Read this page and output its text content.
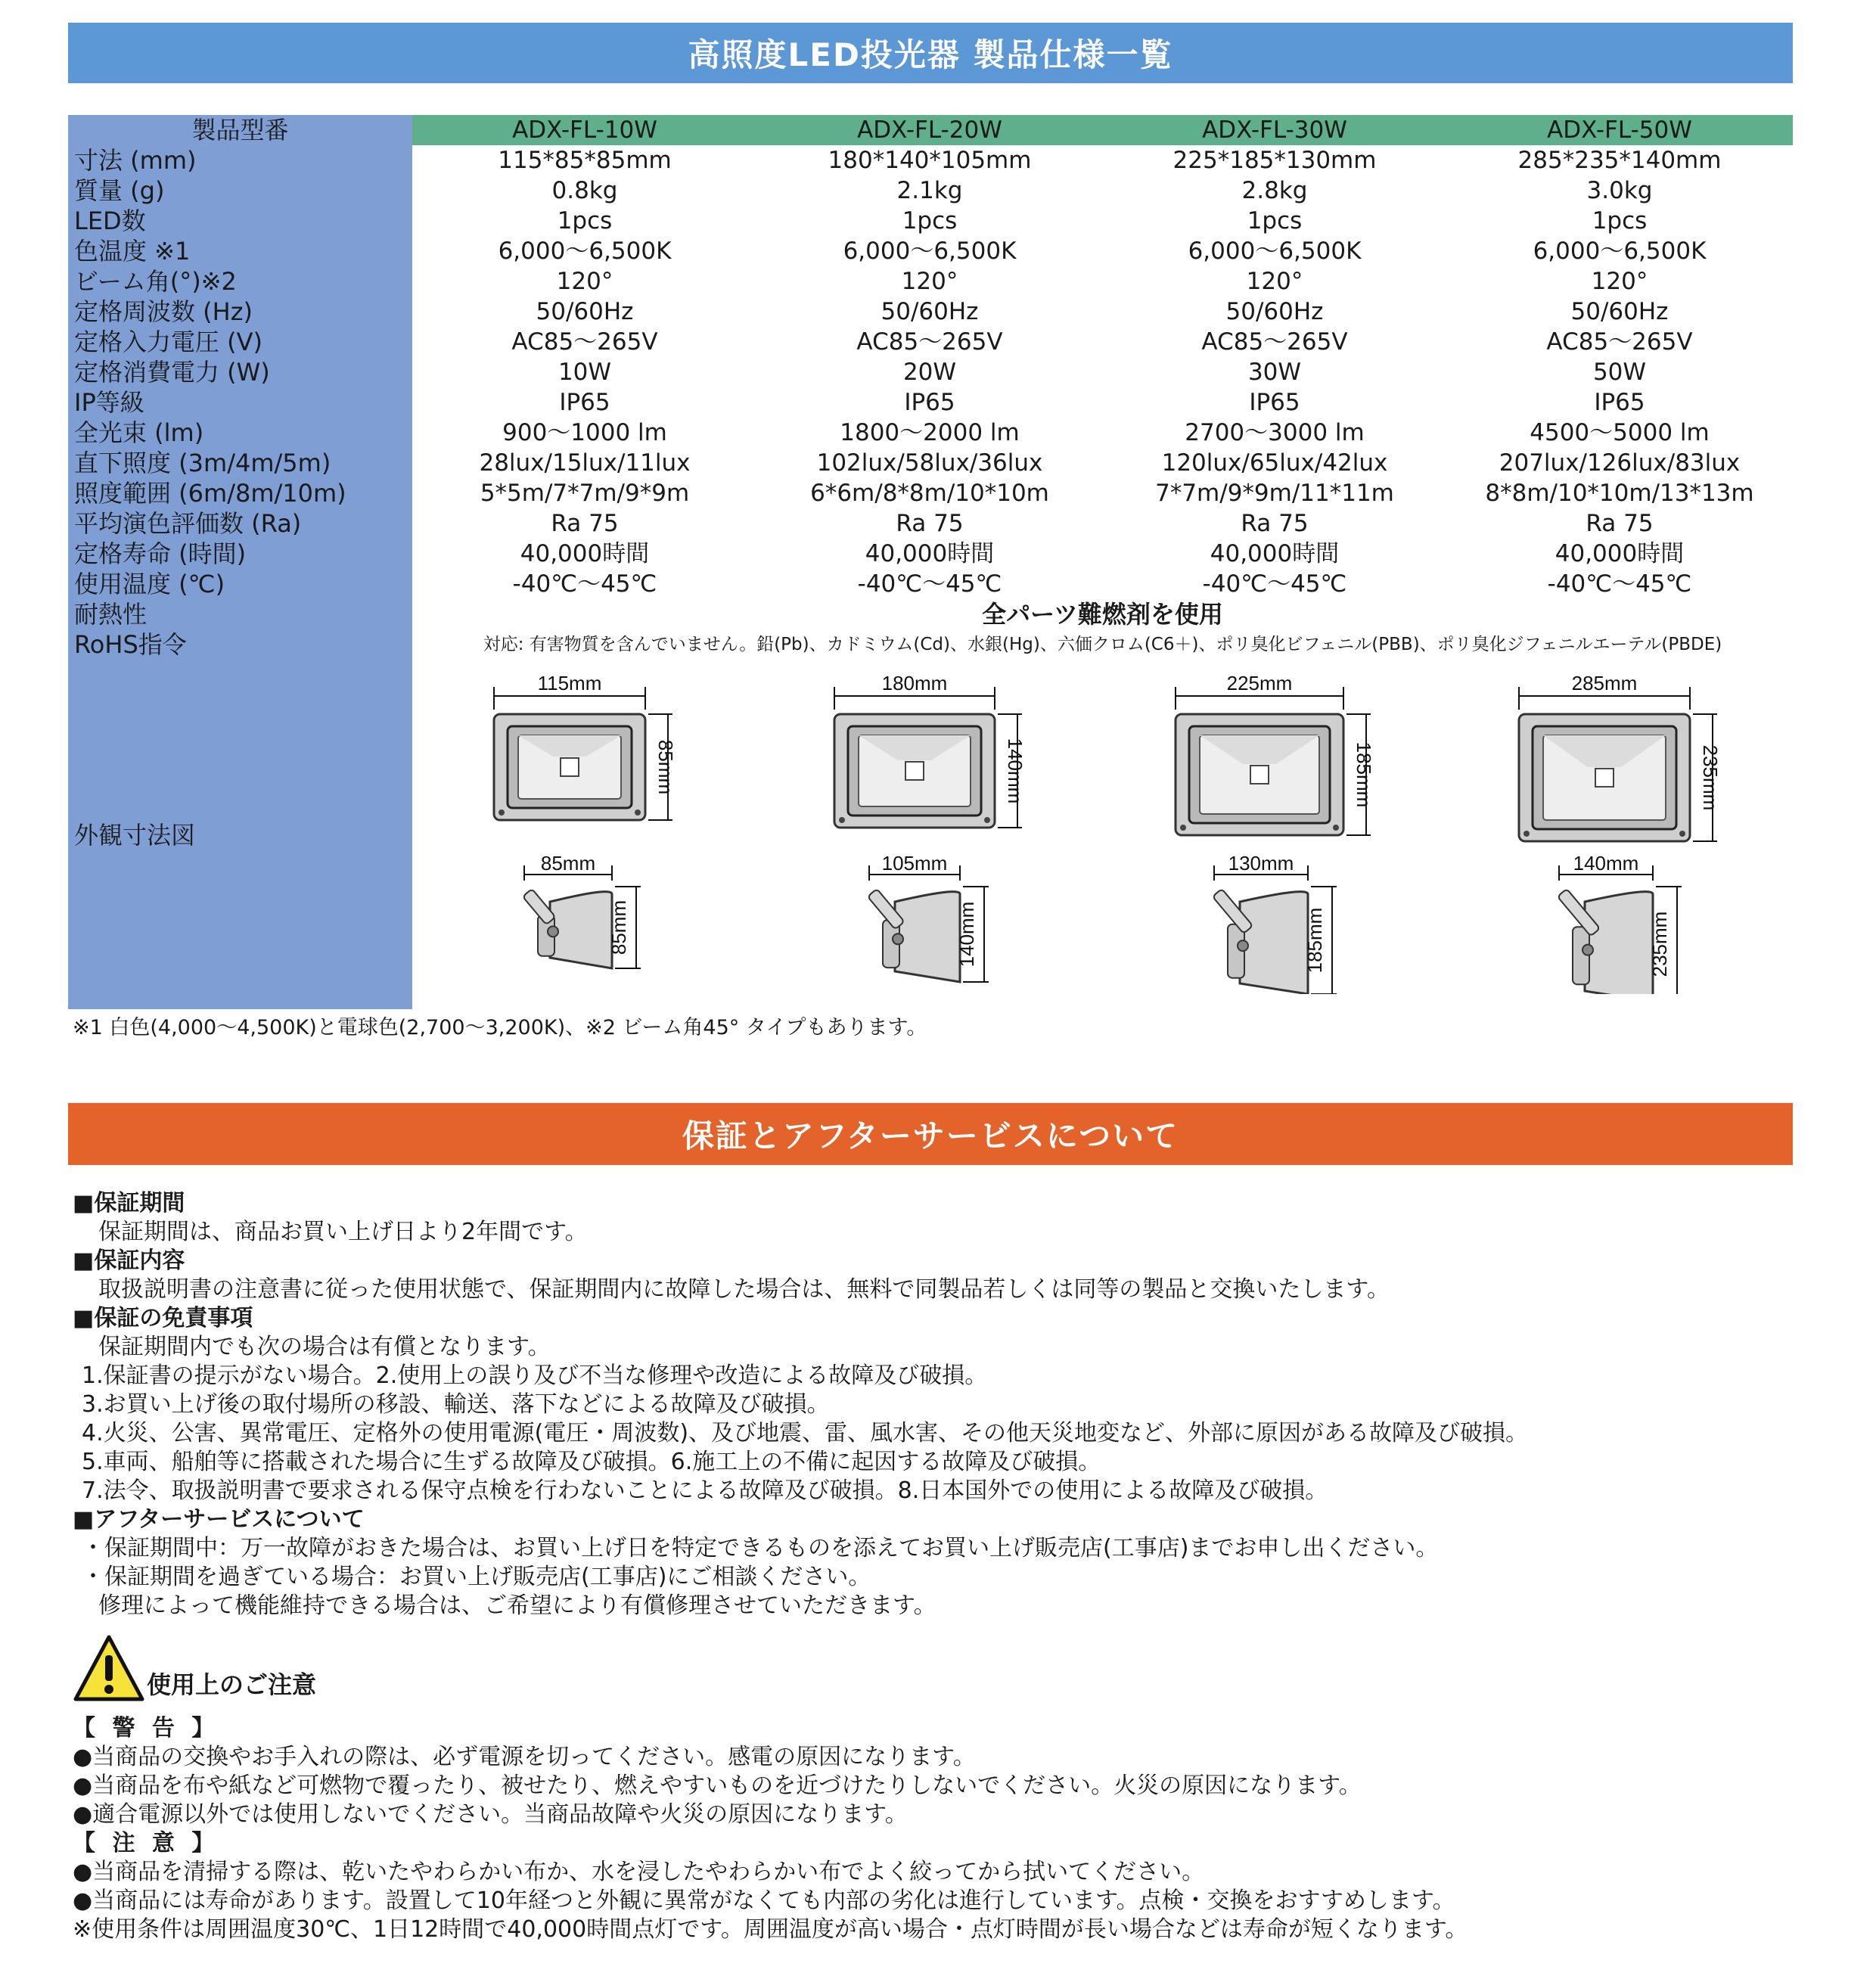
高照度LED投光器 製品仕様一覧
製品型番	ADX-FL-10W	ADX-FL-20W	ADX-FL-30W	ADX-FL-50W
寸法 (mm)	115*85*85mm	180*140*105mm	225*185*130mm	285*235*140mm
質量 (g)	0.8kg	2.1kg	2.8kg	3.0kg
LED数	1pcs	1pcs	1pcs	1pcs
色温度 ※1	6,000～6,500K	6,000～6,500K	6,000～6,500K	6,000～6,500K
ビーム角(°)※2	120°	120°	120°	120°
定格周波数 (Hz)	50/60Hz	50/60Hz	50/60Hz	50/60Hz
定格入力電圧 (V)	AC85～265V	AC85～265V	AC85～265V	AC85～265V
定格消費電力 (W)	10W	20W	30W	50W
IP等級	IP65	IP65	IP65	IP65
全光束 (lm)	900～1000 lm	1800～2000 lm	2700～3000 lm	4500～5000 lm
直下照度 (3m/4m/5m)	28lux/15lux/11lux	102lux/58lux/36lux	120lux/65lux/42lux	207lux/126lux/83lux
照度範囲 (6m/8m/10m)	5*5m/7*7m/9*9m	6*6m/8*8m/10*10m	7*7m/9*9m/11*11m	8*8m/10*10m/13*13m
平均演色評価数 (Ra)	Ra 75	Ra 75	Ra 75	Ra 75
定格寿命 (時間)	40,000時間	40,000時間	40,000時間	40,000時間
使用温度 (℃)	-40℃～45℃	-40℃～45℃	-40℃～45℃	-40℃～45℃
耐熱性	全パーツ難燃剤を使用
RoHS指令	対応: 有害物質を含んでいません。鉛(Pb)、カドミウム(Cd)、水銀(Hg)、六価クロム(C6＋)、ポリ臭化ビフェニル(PBB)、ポリ臭化ジフェニルエーテル(PBDE)
外観寸法図
115mm
85mm
85mm
85mm
180mm
140mm
105mm
140mm
225mm
185mm
130mm
185mm
285mm
235mm
140mm
235mm
※1 白色(4,000～4,500K)と電球色(2,700～3,200K)、※2 ビーム角45° タイプもあります。
保証とアフターサービスについて
■保証期間
保証期間は、商品お買い上げ日より2年間です。
■保証内容
取扱説明書の注意書に従った使用状態で、保証期間内に故障した場合は、無料で同製品若しくは同等の製品と交換いたします。
■保証の免責事項
保証期間内でも次の場合は有償となります。
1.保証書の提示がない場合。2.使用上の誤り及び不当な修理や改造による故障及び破損。
3.お買い上げ後の取付場所の移設、輸送、落下などによる故障及び破損。
4.火災、公害、異常電圧、定格外の使用電源(電圧・周波数)、及び地震、雷、風水害、その他天災地変など、外部に原因がある故障及び破損。
5.車両、船舶等に搭載された場合に生ずる故障及び破損。6.施工上の不備に起因する故障及び破損。
7.法令、取扱説明書で要求される保守点検を行わないことによる故障及び破損。8.日本国外での使用による故障及び破損。
■アフターサービスについて
・保証期間中：万一故障がおきた場合は、お買い上げ日を特定できるものを添えてお買い上げ販売店(工事店)までお申し出ください。
・保証期間を過ぎている場合：お買い上げ販売店(工事店)にご相談ください。
修理によって機能維持できる場合は、ご希望により有償修理させていただきます。
使用上のご注意
【 警 告 】
●当商品の交換やお手入れの際は、必ず電源を切ってください。感電の原因になります。
●当商品を布や紙など可燃物で覆ったり、被せたり、燃えやすいものを近づけたりしないでください。火災の原因になります。
●適合電源以外では使用しないでください。当商品故障や火災の原因になります。
【 注 意 】
●当商品を清掃する際は、乾いたやわらかい布か、水を浸したやわらかい布でよく絞ってから拭いてください。
●当商品には寿命があります。設置して10年経つと外観に異常がなくても内部の劣化は進行しています。点検・交換をおすすめします。
※使用条件は周囲温度30℃、1日12時間で40,000時間点灯です。周囲温度が高い場合・点灯時間が長い場合などは寿命が短くなります。
